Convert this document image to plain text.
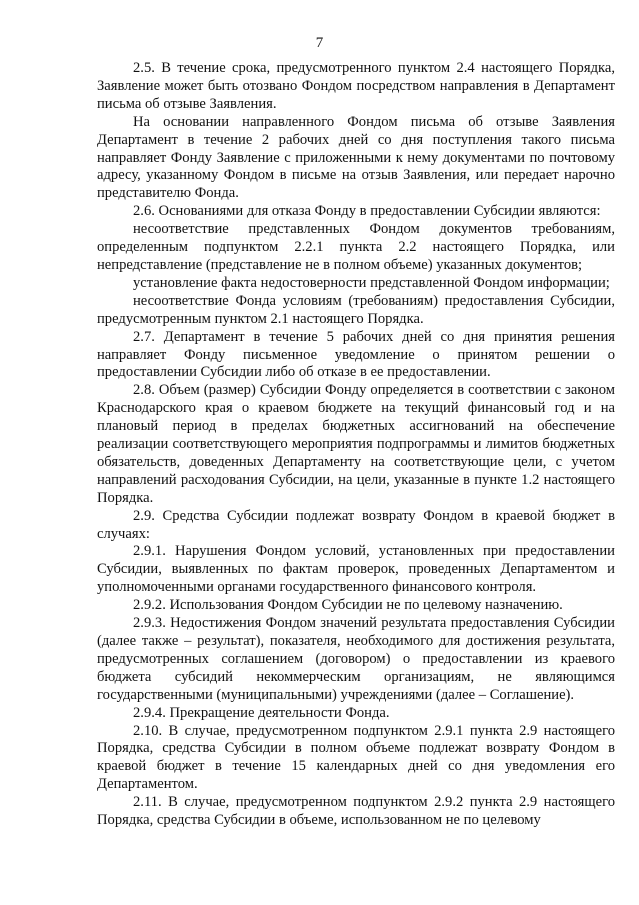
7

2.5. В течение срока, предусмотренного пунктом 2.4 настоящего Порядка, Заявление может быть отозвано Фондом посредством направления в Департамент письма об отзыве Заявления.

На основании направленного Фондом письма об отзыве Заявления Департамент в течение 2 рабочих дней со дня поступления такого письма направляет Фонду Заявление с приложенными к нему документами по почтовому адресу, указанному Фондом в письме на отзыв Заявления, или передает нарочно представителю Фонда.

2.6. Основаниями для отказа Фонду в предоставлении Субсидии являются:

несоответствие представленных Фондом документов требованиям, определенным подпунктом 2.2.1 пункта 2.2 настоящего Порядка, или непредставление (представление не в полном объеме) указанных документов;

установление факта недостоверности представленной Фондом информации;

несоответствие Фонда условиям (требованиям) предоставления Субсидии, предусмотренным пунктом 2.1 настоящего Порядка.

2.7. Департамент в течение 5 рабочих дней со дня принятия решения направляет Фонду письменное уведомление о принятом решении о предоставлении Субсидии либо об отказе в ее предоставлении.

2.8. Объем (размер) Субсидии Фонду определяется в соответствии с законом Краснодарского края о краевом бюджете на текущий финансовый год и на плановый период в пределах бюджетных ассигнований на обеспечение реализации соответствующего мероприятия подпрограммы и лимитов бюджетных обязательств, доведенных Департаменту на соответствующие цели, с учетом направлений расходования Субсидии, на цели, указанные в пункте 1.2 настоящего Порядка.

2.9. Средства Субсидии подлежат возврату Фондом в краевой бюджет в случаях:

2.9.1. Нарушения Фондом условий, установленных при предоставлении Субсидии, выявленных по фактам проверок, проведенных Департаментом и уполномоченными органами государственного финансового контроля.

2.9.2. Использования Фондом Субсидии не по целевому назначению.

2.9.3. Недостижения Фондом значений результата предоставления Субсидии (далее также – результат), показателя, необходимого для достижения результата, предусмотренных соглашением (договором) о предоставлении из краевого бюджета субсидий некоммерческим организациям, не являющимся государственными (муниципальными) учреждениями (далее – Соглашение).

2.9.4. Прекращение деятельности Фонда.

2.10. В случае, предусмотренном подпунктом 2.9.1 пункта 2.9 настоящего Порядка, средства Субсидии в полном объеме подлежат возврату Фондом в краевой бюджет в течение 15 календарных дней со дня уведомления его Департаментом.

2.11. В случае, предусмотренном подпунктом 2.9.2 пункта 2.9 настоящего Порядка, средства Субсидии в объеме, использованном не по целевому
